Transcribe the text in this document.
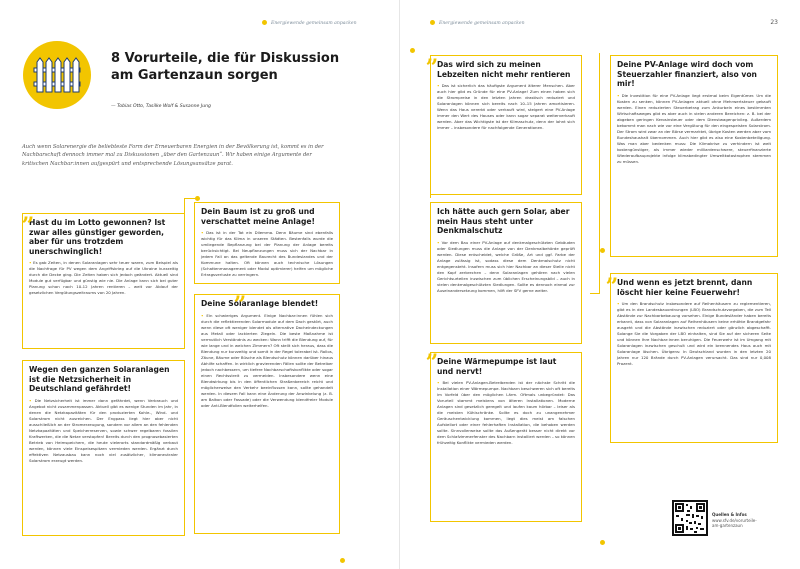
Energiewende gemeinsam anpacken
8 Vorurteile, die für Diskussion am Gartenzaun sorgen
— Tobias Otto, Tasilke Wolf & Susanne Jung
Auch wenn Solarenergie die beliebteste Form der Erneuerbaren Energien in der Bevölkerung ist, kommt es in der Nachbarschaft dennoch immer mal zu Diskussionen „über den Gartenzaun“. Wir haben einige Argumente der kritischen Nachbar:innen aufgespürt und entsprechende Lösungsansätze parat.
Hast du im Lotto gewonnen? Ist zwar alles günstiger geworden, aber für uns trotzdem unerschwinglich!

• Es gab Zeiten, in denen Solaranlagen sehr teuer waren, zum Beispiel als die Nachfrage für PV wegen dem Angriffskrieg auf die Ukraine kurzzeitig durch die Decke ging. Die Zeiten haben sich jedoch geändert. Aktuell sind Module gut verfügbar und günstig wie nie. Die Anlage kann sich bei guter Planung schon nach 10-12 Jahren rentieren – weit vor Ablauf der gesetzlichen Vergütungszeitraums von 20 Jahren.

„
Wegen den ganzen Solaranlagen ist die Netzsicherheit in Deutschland gefährdet!

• Die Netzsicherheit ist immer dann gefährdet, wenn Verbrauch und Angebot nicht zusammenpassen. Aktuell gibt es wenige Stunden im Jahr, in denen die Netzkapazitäten für den produzierten Kohle-, Wind- und Solarstrom nicht ausreichen. Der Engpass liegt hier aber nicht ausschließlich an der Stromerzeugung, sondern vor allem an den fehlenden Netzkapazitäten und Speicherreserven, sowie schwer regelbaren fossilen Kraftwerken, die die Netze verstopfen! Bereits durch den prognosebasierten Betrieb von Heimspeichern, die heute vielerorts standardmäßig verbaut werden, können viele Einspeisespitzen vermieden werden. Ergänzt durch effektiven Netzausbau kann noch viel zusätzlicher, klimaneutraler Solarstrom erzeugt werden.

Dein Baum ist zu groß und verschattet meine Anlage!

• Das ist in der Tat ein Dilemma. Denn Bäume sind ebenfalls wichtig für das Klima in unseren Städten. Bestenfalls wurde die umliegende Bepflanzung bei der Planung der Anlage bereits berücksichtigt. Bei Neupflanzungen muss sich der Nachbar in jedem Fall an das geltende Baurecht des Bundeslandes und der Kommune halten. Oft können auch technische Lösungen (Schattenmanagement oder Modul optimierer) helfen um mögliche Ertragsverluste zu verringern.

Deine Solaranlage blendet!

• Ein schwieriges Argument. Einige Nachbar:innen fühlen sich durch die reflektierenden Solarmodule auf dem Dach gestört, auch wenn diese oft weniger blendet als alternative Dacheindeckungen aus Metall oder lackierten Ziegeln. Die beste Maßnahme ist vermutlich Verständnis zu wecken: Wann trifft die Blendung auf, für wie lange und in welchen Zimmern? Oft stellt sich heraus, dass die Blendung nur kurzzeitig und somit in der Regel tolerabel ist. Rollos, Zäune, Bäume oder Büsche als Blendschutz können darüber hinaus Abhilfe schaffen. In wirklich gravierenden Fällen sollte der Betreiber jedoch nachbessern, um tiefere Nachbarschaftskonflikte oder sogar einen Rechtsstreit zu vermeiden. Insbesondere wenn eine Blendwirkung bis in den öffentlichen Straßenbereich reicht und möglicherweise den Verkehr beeinflussen kann, sollte gehandelt werden. In diesem Fall kann eine Änderung der Anwinkelung (z. B. am Balkon oder Fassade) oder die Verwendung blendfreier Module oder Anti-Blendfolien weiterhelfen.

„
Energiewende gemeinsam anpacken	23
Das wird sich zu meinen Lebzeiten nicht mehr rentieren

• Das ist sicherlich das häufigste Argument älterer Menschen. Aber auch hier gibt es Gründe für eine PV-Anlage! Zum einen haben sich die Strompreise in den letzten Jahren drastisch reduziert und Solaranlagen können sich bereits nach 10–15 Jahren amortisieren. Wenn das Haus vererbt oder verkauft wird, steigert eine PV-Anlage immer den Wert des Hauses oder kann sogar separat weiterverkauft werden. Aber das Wichtigste ist der Klimaschutz, denn der lohnt sich immer – insbesondere für nachfolgende Generationen.

„
Ich hätte auch gern Solar, aber mein Haus steht unter Denkmalschutz

• Vor dem Bau einer PV-Anlage auf denkmalgeschützten Gebäuden oder Siedlungen muss die Anlage von der Denkmalbehörde geprüft werden. Diese entscheidet, welche Größe, Art und ggf. Farbe der Anlage zulässig ist, sodass diese dem Denkmalschutz nicht entgegensteht. Insofern muss sich hier Nachbar an dieser Stelle nicht den Kopf zerbrechen – denn Solaranlagen gehören nach vielen Gerichtsurteilen inzwischen zum üblichen Erscheinungsbild – auch in vielen denkmalgeschützten Siedlungen. Sollte es dennoch einmal zur Auseinandersetzung kommen, hilft der SFV gerne weiter.

Deine Wärmepumpe ist laut und nervt!

• Bei vielen PV-Anlagen-Betreibenden ist der nächste Schritt die Installation einer Wärmepumpe. Nachbarn beschweren sich oft bereits im Vorfeld über den möglichen Lärm. Oftmals unbegründet: Das Vorurteil stammt meistens von älteren Installationen. Moderne Anlagen sind gesetzlich geregelt und laufen kaum hörbar – leiser als die meisten Kühlschränke. Sollte es doch zu unangenehmer Geräuschentwicklung kommen, liegt dies meist am falschen Aufstellort oder einer fehlerhaften Installation, die behoben werden sollte. Sinnvollerweise sollte das Außengerät besser nicht direkt vor dem Schlafzimmerfenster des Nachbarn installiert werden – so können frühzeitig Konflikte vermieden werden.

„
Deine PV-Anlage wird doch vom Steuerzahler finanziert, also von mir!

• Die Investition für eine PV-Anlage liegt erstmal beim Eigentümer. Um die Kosten zu senken, können PV-Anlagen aktuell ohne Mehrwertsteuer gekauft werden. Einen reduzierten Steuerbetrag zum Ankurbeln eines bestimmten Wirtschaftsweges gibt es aber auch in vielen anderen Bereichen: z. B. bei der abgeben geringen Kerosinsteuer oder dem Dienstwagenprivileg. Außerdem bekommt man nach wie vor eine Vergütung für den eingespeisten Solarstrom. Der Strom wird zwar an der Börse vermarktet, übrige Kosten werden aber vom Bundeshaushalt übernommen. Auch hier gibt es also eine Kostenbeteiligung. Was man aber bedenken muss: Die Klimakrise zu verhindern ist weit kostengünstiger, als immer wieder milliardenschwere, steuerfinanzierte Wiederaufbauprojekte infolge klimabedingter Umweltkatastrophen stemmen zu müssen.

Und wenn es jetzt brennt, dann löscht hier keine Feuerwehr!

• Um den Brandschutz insbesondere auf Reihenhäusern zu reglementieren, gibt es in den Landesbauordnungen (LBO) Brandschutzvorgaben, die zum Teil Abstände zur Nachbarbebauung vorsehen. Einige Bundesländer haben bereits erkannt, dass von Solaranlagen auf Reihenhäusern keine erhöhte Brandgefahr ausgeht und die Abstände inzwischen reduziert oder gänzlich abgeschafft. Solange Sie die Vorgaben der LBO einhalten, sind Sie auf der sicheren Seite und können Ihre Nachbar:innen beruhigen. Die Feuerwehr ist im Umgang mit Solaranlagen inzwischen geschult und wird ein brennendes Haus auch mit Solaranlage löschen. Übrigens: In Deutschland wurden in den letzten 20 Jahren nur 120 Brände durch PV-Anlagen verursacht. Das sind nur 0,008 Prozent.

„
Quellen & Infos
www.sfv.de/vorurteile-am-gartenzaun
